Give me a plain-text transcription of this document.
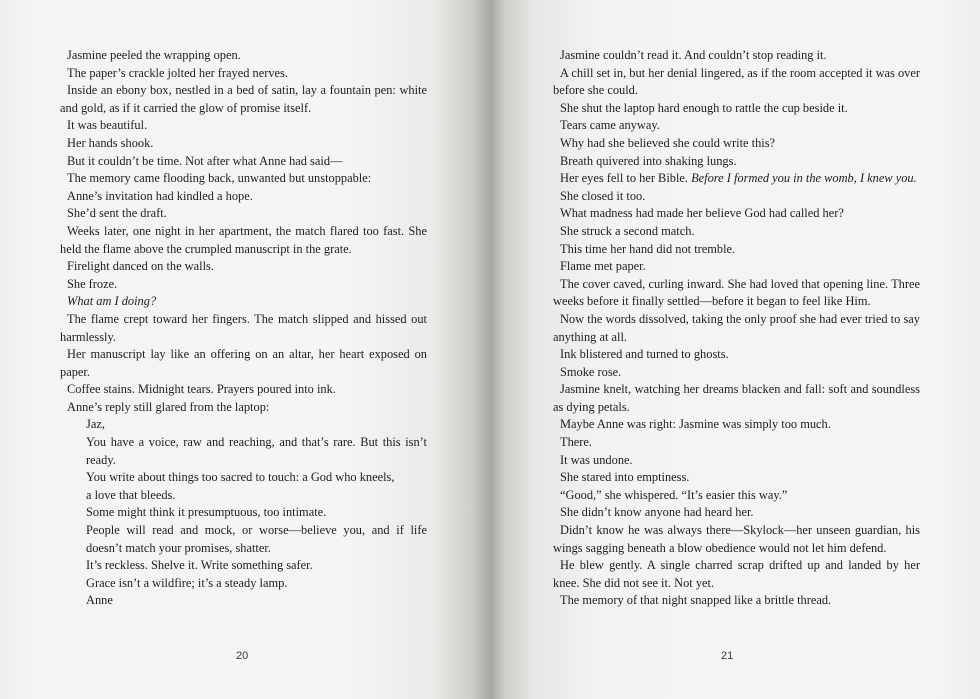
Jasmine peeled the wrapping open.

The paper’s crackle jolted her frayed nerves.

Inside an ebony box, nestled in a bed of satin, lay a fountain pen: white and gold, as if it carried the glow of promise itself.

It was beautiful.

Her hands shook.

But it couldn’t be time. Not after what Anne had said—

The memory came flooding back, unwanted but unstoppable:

Anne’s invitation had kindled a hope.

She’d sent the draft.

Weeks later, one night in her apartment, the match flared too fast. She held the flame above the crumpled manuscript in the grate.

Firelight danced on the walls.

She froze.

What am I doing?

The flame crept toward her fingers. The match slipped and hissed out harmlessly.

Her manuscript lay like an offering on an altar, her heart exposed on paper.

Coffee stains. Midnight tears. Prayers poured into ink.

Anne’s reply still glared from the laptop:

Jaz,

You have a voice, raw and reaching, and that’s rare. But this isn’t ready.

You write about things too sacred to touch: a God who kneels,

a love that bleeds.

Some might think it presumptuous, too intimate.

People will read and mock, or worse—believe you, and if life doesn’t match your promises, shatter.

It’s reckless. Shelve it. Write something safer.

Grace isn’t a wildfire; it’s a steady lamp.

Anne

20

Jasmine couldn’t read it. And couldn’t stop reading it.

A chill set in, but her denial lingered, as if the room accepted it was over before she could.

She shut the laptop hard enough to rattle the cup beside it.

Tears came anyway.

Why had she believed she could write this?

Breath quivered into shaking lungs.

Her eyes fell to her Bible. Before I formed you in the womb, I knew you.

She closed it too.

What madness had made her believe God had called her?

She struck a second match.

This time her hand did not tremble.

Flame met paper.

The cover caved, curling inward. She had loved that opening line. Three weeks before it finally settled—before it began to feel like Him.

Now the words dissolved, taking the only proof she had ever tried to say anything at all.

Ink blistered and turned to ghosts.

Smoke rose.

Jasmine knelt, watching her dreams blacken and fall: soft and soundless as dying petals.

Maybe Anne was right: Jasmine was simply too much.

There.

It was undone.

She stared into emptiness.

“Good,” she whispered. “It’s easier this way.”

She didn’t know anyone had heard her.

Didn’t know he was always there—Skylock—her unseen guardian, his wings sagging beneath a blow obedience would not let him defend.

He blew gently. A single charred scrap drifted up and landed by her knee. She did not see it. Not yet.

The memory of that night snapped like a brittle thread.

21
